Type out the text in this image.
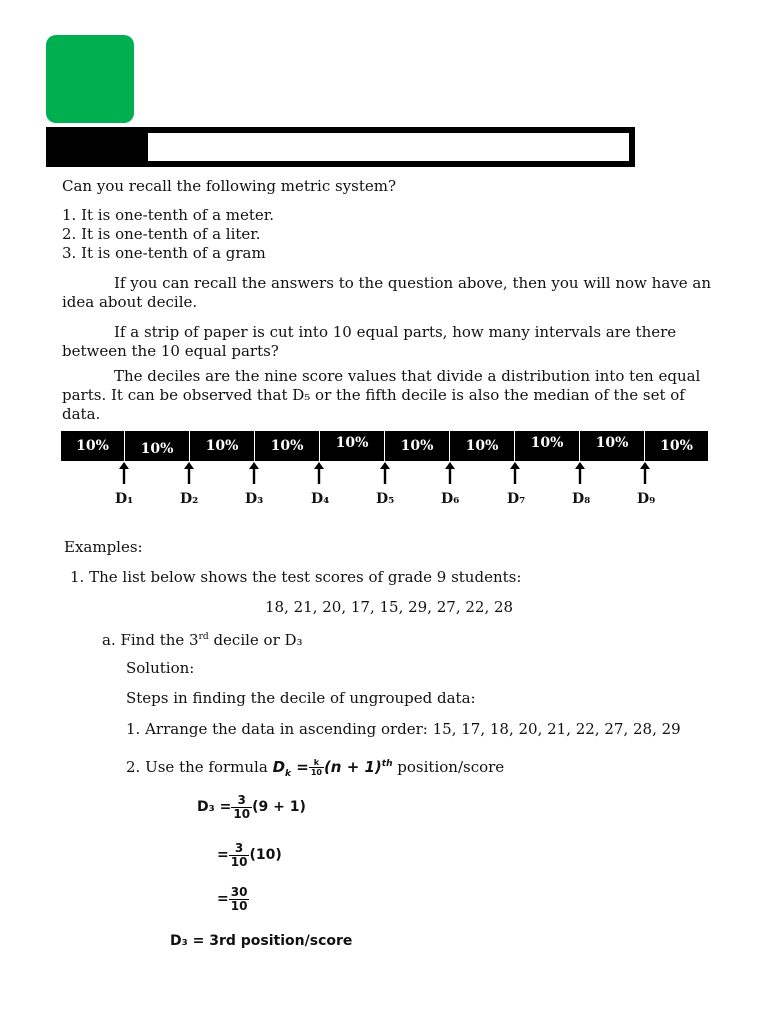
Can you recall the following metric system?
1. It is one-tenth of a meter.
2. It is one-tenth of a liter.
3. It is one-tenth of a gram
If you can recall the answers to the question above, then you will now have an idea about decile.
If a strip of paper is cut into 10 equal parts, how many intervals are there between the 10 equal parts?
The deciles are the nine score values that divide a distribution into ten equal parts. It can be observed that D₅ or the fifth decile is also the median of the set of data.
10%	10%	10%	10%	10%	10%	10%	10%	10%	10%
D₁	D₂	D₃	D₄	D₅	D₆	D₇	D₈	D₉
Examples:
1. The list below shows the test scores of grade 9 students:
18, 21, 20, 17, 15, 29, 27, 22, 28
a. Find the 3rd decile or D₃
Solution:
Steps in finding the decile of ungrouped data:
1. Arrange the data in ascending order: 15, 17, 18, 20, 21, 22, 27, 28, 29
2. Use the formula $D_k = \frac{k}{10} (n + 1)^{th}$ position/score
$D_3 = \frac{3}{10} (9 + 1)$
= $\frac{3}{10} (10)$
= $\frac{30}{10}$
D₃ = 3rd position/score
